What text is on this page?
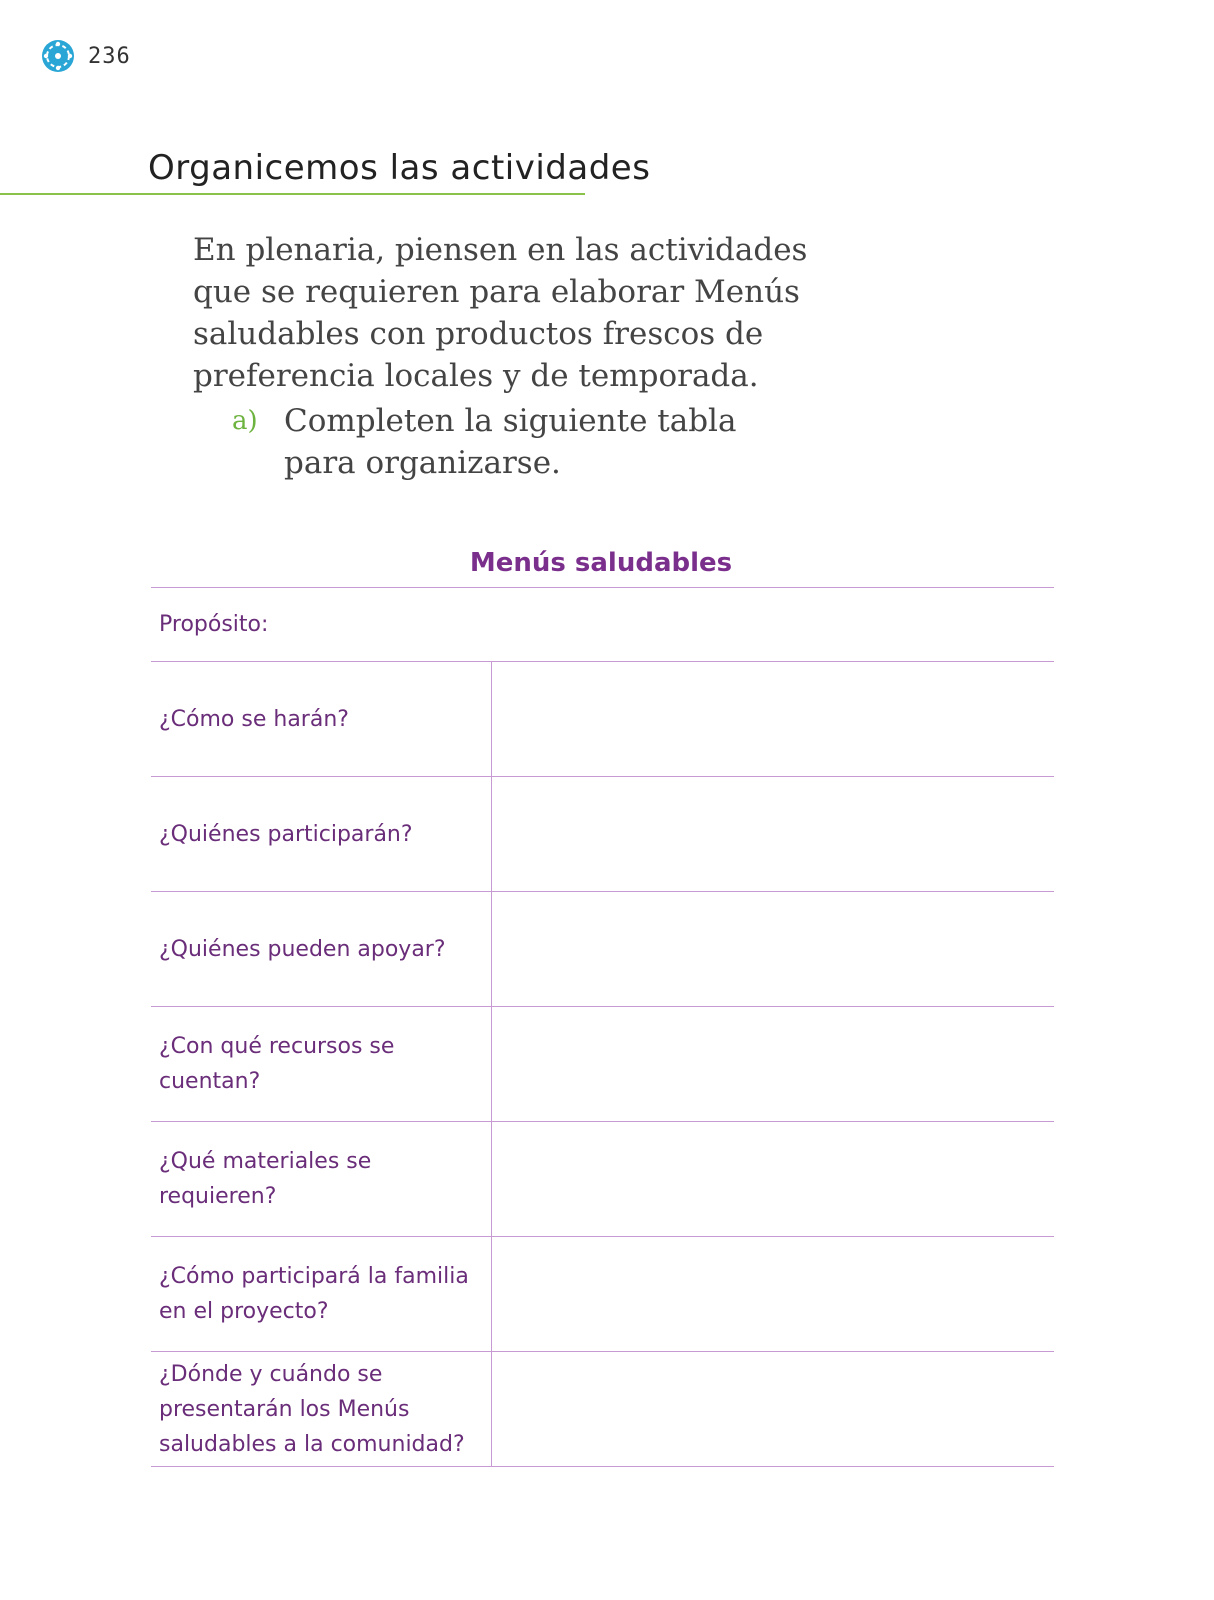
236
Organicemos las actividades

En plenaria, piensen en las actividades que se requieren para elaborar Menús saludables con productos frescos de preferencia locales y de temporada.

a) Completen la siguiente tabla para organizarse.
Menús saludables
Propósito:	
¿Cómo se harán?	
¿Quiénes participarán?	
¿Quiénes pueden apoyar?	
¿Con qué recursos se cuentan?	
¿Qué materiales se requieren?	
¿Cómo participará la familia en el proyecto?	
¿Dónde y cuándo se presentarán los Menús saludables a la comunidad?	
